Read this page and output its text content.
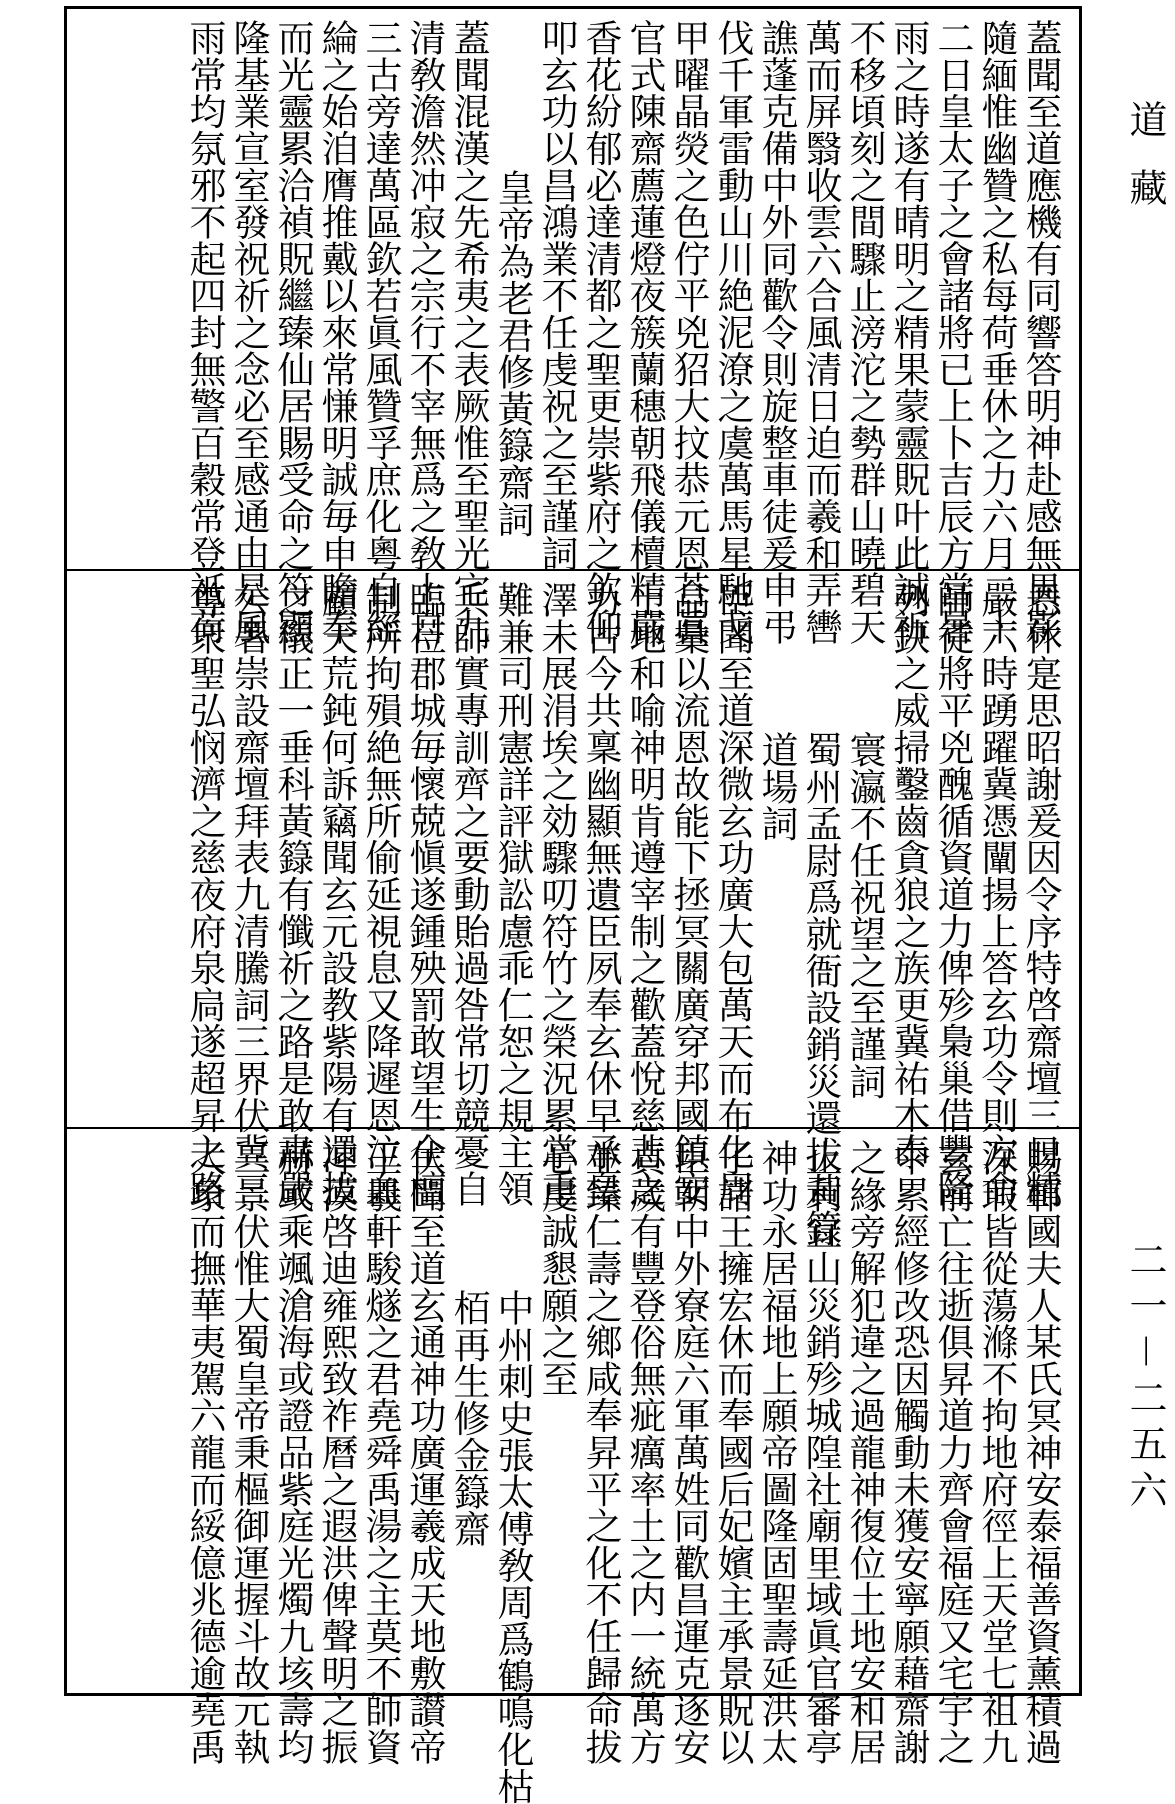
蓋聞至道應機有同響答明神赴感無異影
隨緬惟幽贊之私每荷垂休之力六月二十
二日皇太子之會諸將已上卜吉辰方當暑
雨之時遂有晴明之精果蒙靈貺叶此誠祈
不移頃刻之間驟止滂沱之勢群山曉碧天
萬而屏翳收雲六合風清日迫而羲和弄轡
譙蓬克備中外同歡令則旋整車徒爰申弔
伐千軍雷動山川絶泥潦之虞萬馬星馳戈
甲曜晶熒之色佇平兇㹦大抆恭元恩荅眞
官式陳齋薦蓮燈夜簇蘭穗朝飛儀櫝精嚴
香花紛郁必達清都之聖更崇紫府之欽仰
叩玄功以昌鴻業不任虔祝之至謹詞
皇帝為老君修黃籙齋詞
蓋聞混漢之先希夷之表厥惟至聖光宅九
清敎澹然冲寂之宗行不宰無爲之敎上自
三古旁達萬區欽若眞風贊孚庶化粵自經
綸之始洎膺推戴以來常慊明誠毎申瞻奉
而光靈累洽禎貺繼臻仙居賜受命之符顯
隆基業宣室發祝祈之念必至感通由是風
雨常均氛邪不起四封無警百穀常登祇荷
恩休寔思昭謝爰因令序特啓齋壇三日精
嚴六時踴躍冀憑闡揚上答玄功令則方命
師徒將平兇醜循資道力俾殄梟巢借豐隆
列鈌之威掃鑿齒貪狼之族更冀祐木泰
寰瀛不任祝望之至謹詞
蜀州孟尉爲就衙設銷災還拔黃籙
道場詞
臣聞至道深微玄功廣大包萬天而布化周
品彙以流恩故能下拯冥關廣穿邦國鎮安
土地和喻神明肯遵宰制之歡蓋悅慈悲之
力古今共稟幽顯無遺臣夙奉玄休早承皇
澤未展涓埃之効驟叨符竹之榮況累掌重
難兼司刑憲詳評獄訟慮乖仁恕之規主領
兵師實專訓齊之要動貽過咎常切競憂自
臨莅郡城毎懷兢愼遂鍾殃罰敢望生全檀
制所拘殞絶無所偷延視息又降遲恩泣血
顧天荒鈍何訴竊聞玄元設教紫陽有還拔
之儀正一垂科黃籙有懺祈之路是敢肅嚴
公署崇設齋壇拜表九清騰詞三界伏冀三
尊衆聖弘悯濟之慈夜府泉扃遂超昇之路
賜鄆國夫人某氏冥神安泰福善資薰積過
深瑕皆從蕩滌不拘地府徑上天堂七祖九
玄前亡往逝俱昇道力齊會福庭又宅宇之
中累經修改恐因觸動未獲安寧願藉齋謝
之緣旁解犯違之過龍神復位土地安和居
止利宜山災銷殄城隍社廟里域眞官審亭
神功永居福地上願帝圖隆固聖壽延洪太
子諸王擁宏休而奉國后妃嬪主承景貺以
臣朝中外寮庭六軍萬姓同歡昌運克逐安
貞歲有豐登俗無疵癘率土之内一統萬方
並臻仁壽之鄉咸奉昇平之化不任歸命拔
心虔誠懇願之至
中州刺史張太傅敎周爲鶴鳴化枯
栢再生修金籙齋
伏聞至道玄通神功廣運羲成天地敷讃帝
王羲軒駿燧之君堯舜禹湯之主莫不師資
冲漠啓迪雍熙致祚曆之遐洪俾聲明之振
赫或乘颯滄海或證品紫庭光燭九垓壽均
三景伏惟大蜀皇帝秉樞御運握斗故元執
大象而撫華夷駕六龍而綏億兆德逾堯禹
道藏
二一－二五六
